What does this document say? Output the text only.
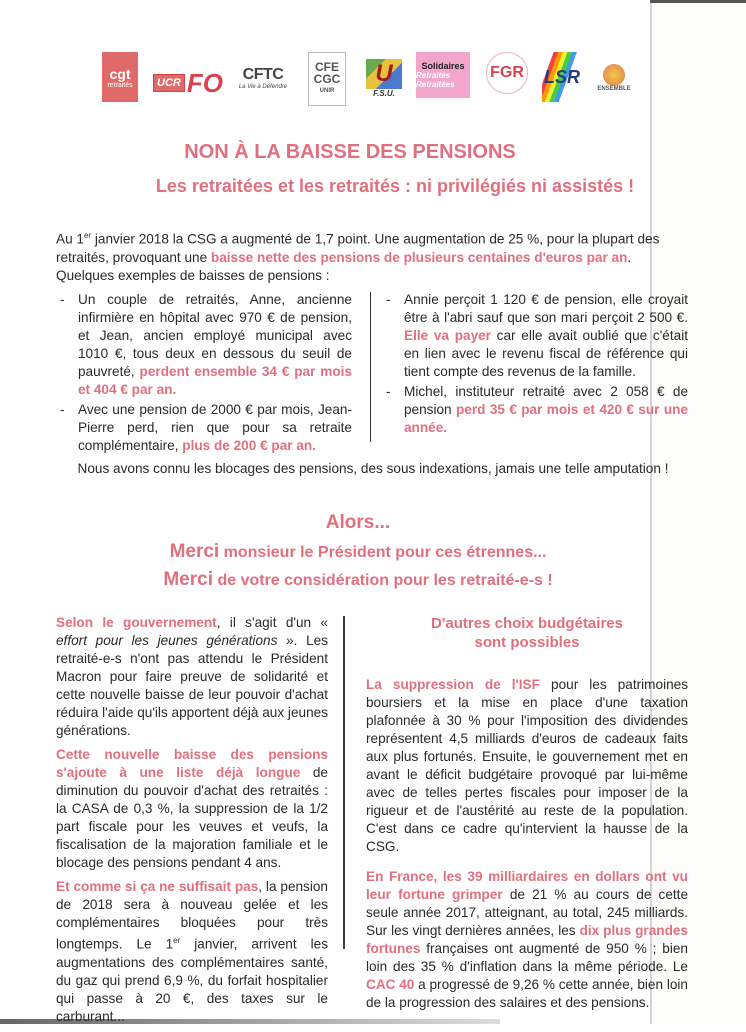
cgt
retraités	UCR FO CFTC
La Vie à Défendre
CFE
CGC
UNIR
U
F.S.U.
Solidaires
Retraités Retraitées
FGR LSR
ENSEMBLE
NON À LA BAISSE DES PENSIONS
Les retraitées et les retraités : ni privilégiés ni assistés !
Au 1er janvier 2018 la CSG a augmenté de 1,7 point. Une augmentation de 25 %, pour la plupart des retraités, provoquant une baisse nette des pensions de plusieurs centaines d'euros par an.
Quelques exemples de baisses de pensions :
- Un couple de retraités, Anne, ancienne infirmière en hôpital avec 970 € de pension, et Jean, ancien employé municipal avec 1010 €, tous deux en dessous du seuil de pauvreté, perdent ensemble 34 € par mois et 404 € par an.
- Avec une pension de 2000 € par mois, Jean-Pierre perd, rien que pour sa retraite complémentaire, plus de 200 € par an.
- Annie perçoit 1 120 € de pension, elle croyait être à l'abri sauf que son mari perçoit 2 500 €. Elle va payer car elle avait oublié que c'était en lien avec le revenu fiscal de référence qui tient compte des revenus de la famille.
- Michel, instituteur retraité avec 2 058 € de pension perd 35 € par mois et 420 € sur une année.
Nous avons connu les blocages des pensions, des sous indexations, jamais une telle amputation !
Alors...
Merci monsieur le Président pour ces étrennes...
Merci de votre considération pour les retraité-e-s !

Selon le gouvernement, il s'agit d'un « effort pour les jeunes générations ». Les retraité-e-s n'ont pas attendu le Président Macron pour faire preuve de solidarité et cette nouvelle baisse de leur pouvoir d'achat réduira l'aide qu'ils apportent déjà aux jeunes générations.

Cette nouvelle baisse des pensions s'ajoute à une liste déjà longue de diminution du pouvoir d'achat des retraités : la CASA de 0,3 %, la suppression de la 1/2 part fiscale pour les veuves et veufs, la fiscalisation de la majoration familiale et le blocage des pensions pendant 4 ans.

Et comme si ça ne suffisait pas, la pension de 2018 sera à nouveau gelée et les complémentaires bloquées pour très longtemps. Le 1er janvier, arrivent les augmentations des complémentaires santé, du gaz qui prend 6,9 %, du forfait hospitalier qui passe à 20 €, des taxes sur le carburant...

D'autres choix budgétaires
sont possibles

La suppression de l'ISF pour les patrimoines boursiers et la mise en place d'une taxation plafonnée à 30 % pour l'imposition des dividendes représentent 4,5 milliards d'euros de cadeaux faits aux plus fortunés. Ensuite, le gouvernement met en avant le déficit budgétaire provoqué par lui-même avec de telles pertes fiscales pour imposer de la rigueur et de l'austérité au reste de la population. C'est dans ce cadre qu'intervient la hausse de la CSG.

En France, les 39 milliardaires en dollars ont vu leur fortune grimper de 21 % au cours de cette seule année 2017, atteignant, au total, 245 milliards. Sur les vingt dernières années, les dix plus grandes fortunes françaises ont augmenté de 950 % ; bien loin des 35 % d'inflation dans la même période. Le CAC 40 a progressé de 9,26 % cette année, bien loin de la progression des salaires et des pensions.
